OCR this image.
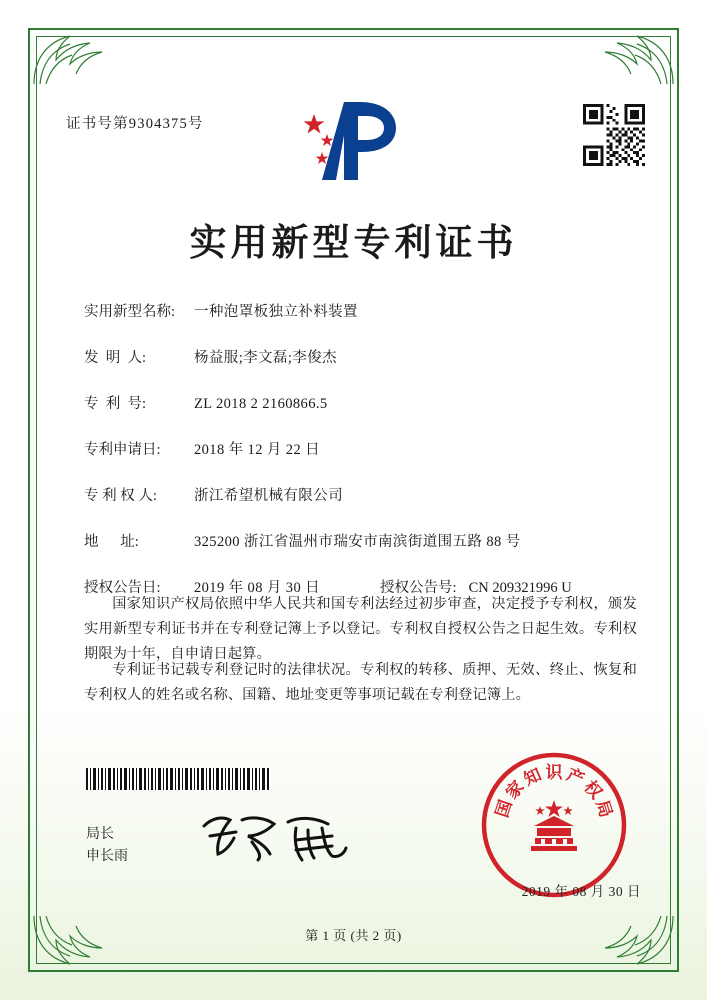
证书号第9304375号
实用新型专利证书
实用新型名称:	一种泡罩板独立补料装置
发  明  人:	杨益服;李文磊;李俊杰
专  利  号:	ZL 2018 2 2160866.5
专利申请日:	2018 年 12 月 22 日
专 利 权 人:	浙江希望机械有限公司
地      址:	325200 浙江省温州市瑞安市南滨街道围五路 88 号
授权公告日:	2019 年 08 月 30 日	授权公告号: CN 209321996 U
国家知识产权局依照中华人民共和国专利法经过初步审查，决定授予专利权，颁发实用新型专利证书并在专利登记簿上予以登记。专利权自授权公告之日起生效。专利权期限为十年，自申请日起算。
专利证书记载专利登记时的法律状况。专利权的转移、质押、无效、终止、恢复和专利权人的姓名或名称、国籍、地址变更等事项记载在专利登记簿上。
国
家
知 识 产
权
局
局长
申长雨
2019 年 08 月 30 日
第 1 页 (共 2 页)
